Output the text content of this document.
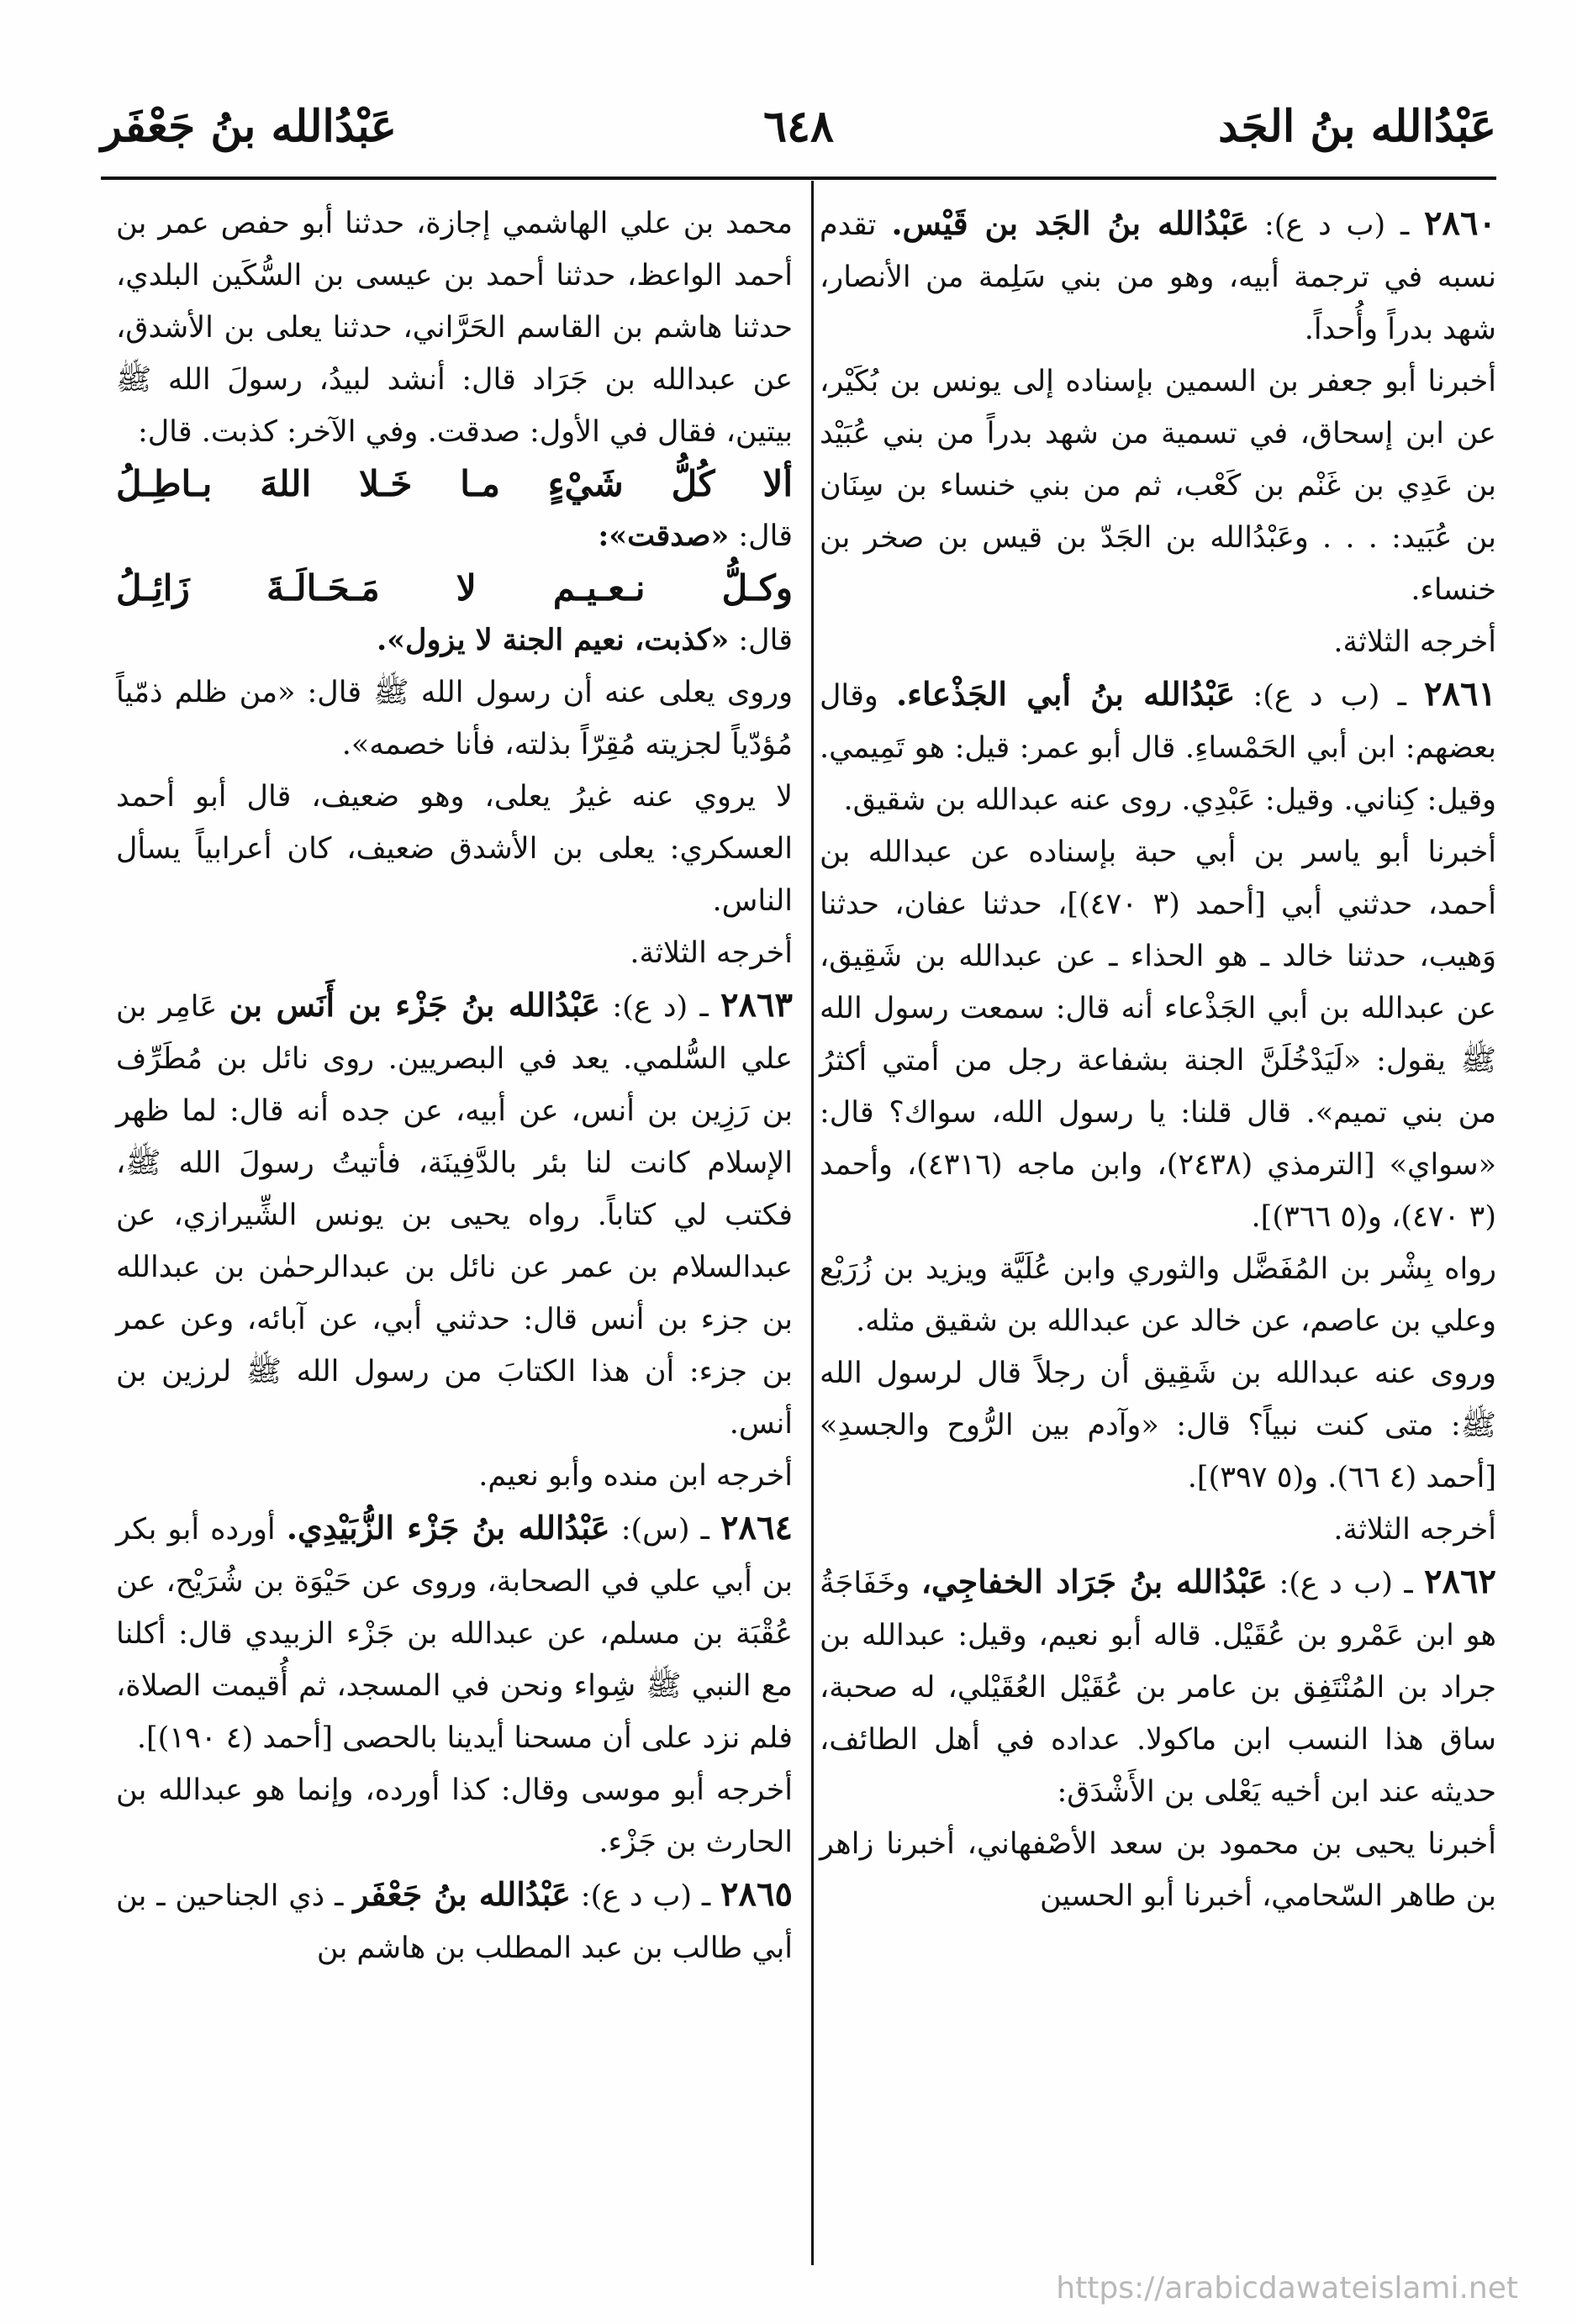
عَبْدُالله بنُ الجَد
٦٤٨
عَبْدُالله بنُ جَعْفَر

٢٨٦٠ ـ (ب د ع): عَبْدُالله بنُ الجَد بن قَيْس. تقدم نسبه في ترجمة أبيه، وهو من بني سَلِمة من الأنصار، شهد بدراً وأُحداً.

أخبرنا أبو جعفر بن السمين بإسناده إلى يونس بن بُكَيْر، عن ابن إسحاق، في تسمية من شهد بدراً من بني عُبَيْد بن عَدِي بن غَنْم بن كَعْب، ثم من بني خنساء بن سِنَان بن عُبَيد: . . . وعَبْدُالله بن الجَدّ بن قيس بن صخر بن خنساء.

أخرجه الثلاثة.

٢٨٦١ ـ (ب د ع): عَبْدُالله بنُ أبي الجَذْعاء. وقال بعضهم: ابن أبي الحَمْساءِ. قال أبو عمر: قيل: هو تَمِيمي. وقيل: كِناني. وقيل: عَبْدِي. روى عنه عبدالله بن شقيق.

أخبرنا أبو ياسر بن أبي حبة بإسناده عن عبدالله بن أحمد، حدثني أبي [أحمد (٣ ٤٧٠)]، حدثنا عفان، حدثنا وَهيب، حدثنا خالد ـ هو الحذاء ـ عن عبدالله بن شَقِيق، عن عبدالله بن أبي الجَذْعاء أنه قال: سمعت رسول الله ﷺ يقول: «لَيَدْخُلَنَّ الجنة بشفاعة رجل من أمتي أكثرُ من بني تميم». قال قلنا: يا رسول الله، سواك؟ قال: «سواي» [الترمذي (٢٤٣٨)، وابن ماجه (٤٣١٦)، وأحمد (٣ ٤٧٠)، و(٥ ٣٦٦)].

رواه بِشْر بن المُفَضَّل والثوري وابن عُلَيَّة ويزيد بن زُرَيْع وعلي بن عاصم، عن خالد عن عبدالله بن شقيق مثله.

وروى عنه عبدالله بن شَقِيق أن رجلاً قال لرسول الله ﷺ: متى كنت نبياً؟ قال: «وآدم بين الرُّوح والجسدِ» [أحمد (٤ ٦٦). و(٥ ٣٩٧)].

أخرجه الثلاثة.

٢٨٦٢ ـ (ب د ع): عَبْدُالله بنُ جَرَاد الخفاجِي، وخَفَاجَةُ هو ابن عَمْرو بن عُقَيْل. قاله أبو نعيم، وقيل: عبدالله بن جراد بن المُنْتَفِق بن عامر بن عُقَيْل العُقَيْلي، له صحبة، ساق هذا النسب ابن ماكولا. عداده في أهل الطائف، حديثه عند ابن أخيه يَعْلى بن الأَشْدَق:

أخبرنا يحيى بن محمود بن سعد الأصْفهاني، أخبرنا زاهر بن طاهر السّحامي، أخبرنا أبو الحسين

محمد بن علي الهاشمي إجازة، حدثنا أبو حفص عمر بن أحمد الواعظ، حدثنا أحمد بن عيسى بن السُّكَين البلدي، حدثنا هاشم بن القاسم الحَرَّاني، حدثنا يعلى بن الأشدق، عن عبدالله بن جَرَاد قال: أنشد لبيدُ، رسولَ الله ﷺ بيتين، فقال في الأول: صدقت. وفي الآخر: كذبت. قال:

ألا كُلُّ شَيْءٍ مـا خَـلا اللهَ بـاطِـلُ

قال: «صدقت»:

وكـلُّ نـعـيـم لا مَـحَـالَـةَ زَائِـلُ

قال: «كذبت، نعيم الجنة لا يزول».

وروى يعلى عنه أن رسول الله ﷺ قال: «من ظلم ذمّياً مُؤدّياً لجزيته مُقِرّاً بذلته، فأنا خصمه».

لا يروي عنه غيرُ يعلى، وهو ضعيف، قال أبو أحمد العسكري: يعلى بن الأشدق ضعيف، كان أعرابياً يسأل الناس.

أخرجه الثلاثة.

٢٨٦٣ ـ (د ع): عَبْدُالله بنُ جَزْء بن أَنَس بن عَامِر بن علي السُّلمي. يعد في البصريين. روى نائل بن مُطَرِّف بن رَزِين بن أنس، عن أبيه، عن جده أنه قال: لما ظهر الإسلام كانت لنا بئر بالدَّفِينَة، فأتيتُ رسولَ الله ﷺ، فكتب لي كتاباً. رواه يحيى بن يونس الشِّيرازي، عن عبدالسلام بن عمر عن نائل بن عبدالرحمٰن بن عبدالله بن جزء بن أنس قال: حدثني أبي، عن آبائه، وعن عمر بن جزء: أن هذا الكتابَ من رسول الله ﷺ لرزين بن أنس.

أخرجه ابن منده وأبو نعيم.

٢٨٦٤ ـ (س): عَبْدُالله بنُ جَزْء الزُّبَيْدِي. أورده أبو بكر بن أبي علي في الصحابة، وروى عن حَيْوَة بن شُرَيْح، عن عُقْبَة بن مسلم، عن عبدالله بن جَزْء الزبيدي قال: أكلنا مع النبي ﷺ شِواء ونحن في المسجد، ثم أُقيمت الصلاة، فلم نزد على أن مسحنا أيدينا بالحصى [أحمد (٤ ١٩٠)].

أخرجه أبو موسى وقال: كذا أورده، وإنما هو عبدالله بن الحارث بن جَزْء.

٢٨٦٥ ـ (ب د ع): عَبْدُالله بنُ جَعْفَر ـ ذي الجناحين ـ بن أبي طالب بن عبد المطلب بن هاشم بن

https://arabicdawateislami.net
